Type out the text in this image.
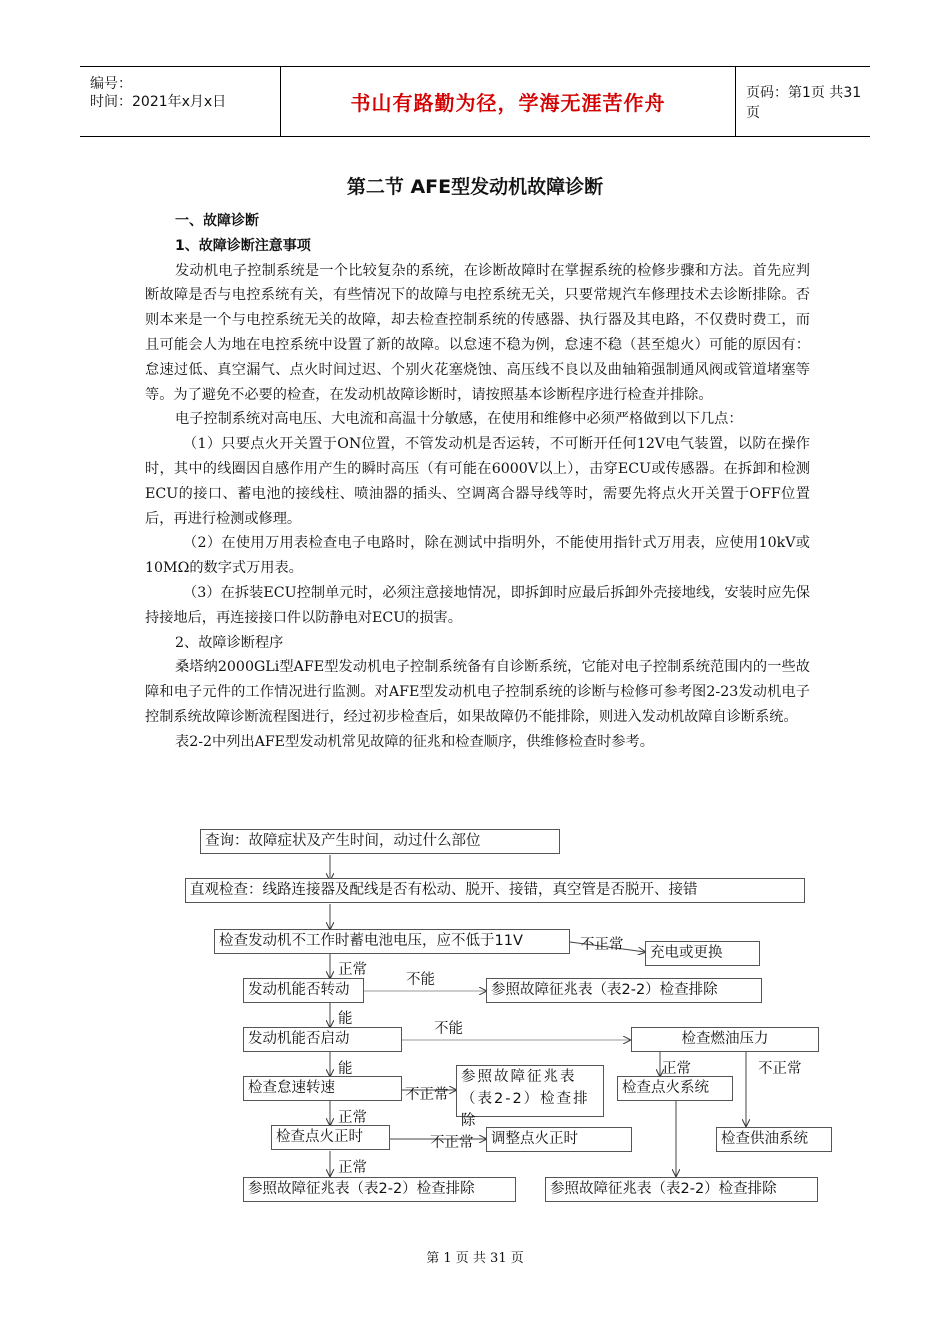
编号：
时间：2021年x月x日	书山有路勤为径，学海无涯苦作舟	页码：第1页 共31页
第二节 AFE型发动机故障诊断

一、故障诊断

1、故障诊断注意事项

发动机电子控制系统是一个比较复杂的系统，在诊断故障时在掌握系统的检修步骤和方法。首先应判断故障是否与电控系统有关，有些情况下的故障与电控系统无关，只要常规汽车修理技术去诊断排除。否则本来是一个与电控系统无关的故障，却去检查控制系统的传感器、执行器及其电路，不仅费时费工，而且可能会人为地在电控系统中设置了新的故障。以怠速不稳为例，怠速不稳（甚至熄火）可能的原因有：怠速过低、真空漏气、点火时间过迟、个别火花塞烧蚀、高压线不良以及曲轴箱强制通风阀或管道堵塞等等。为了避免不必要的检查，在发动机故障诊断时，请按照基本诊断程序进行检查并排除。

电子控制系统对高电压、大电流和高温十分敏感，在使用和维修中必须严格做到以下几点：

（1）只要点火开关置于ON位置，不管发动机是否运转，不可断开任何12V电气装置，以防在操作时，其中的线圈因自感作用产生的瞬时高压（有可能在6000V以上），击穿ECU或传感器。在拆卸和检测ECU的接口、蓄电池的接线柱、喷油器的插头、空调离合器导线等时，需要先将点火开关置于OFF位置后，再进行检测或修理。

（2）在使用万用表检查电子电路时，除在测试中指明外，不能使用指针式万用表，应使用10kV或10MΩ的数字式万用表。

（3）在拆装ECU控制单元时，必须注意接地情况，即拆卸时应最后拆卸外壳接地线，安装时应先保持接地后，再连接接口件以防静电对ECU的损害。

2、故障诊断程序

桑塔纳2000GLi型AFE型发动机电子控制系统备有自诊断系统，它能对电子控制系统范围内的一些故障和电子元件的工作情况进行监测。对AFE型发动机电子控制系统的诊断与检修可参考图2-23发动机电子控制系统故障诊断流程图进行，经过初步检查后，如果故障仍不能排除，则进入发动机故障自诊断系统。

表2-2中列出AFE型发动机常见故障的征兆和检查顺序，供维修检查时参考。

查询：故障症状及产生时间，动过什么部位
直观检查：线路连接器及配线是否有松动、脱开、接错，真空管是否脱开、接错
检查发动机不工作时蓄电池电压，应不低于11V
充电或更换
发动机能否转动	参照故障征兆表（表2-2）检查排除
发动机能否启动	检查燃油压力
检查怠速转速
参照故障征兆表（表2-2）检查排除
检查点火系统
检查点火正时	调整点火正时	检查供油系统
参照故障征兆表（表2-2）检查排除	参照故障征兆表（表2-2）检查排除
不正常
正常
不能
能
不能
能	正常	不正常
不正常
正常
不正常
正常
第 1 页 共 31 页
